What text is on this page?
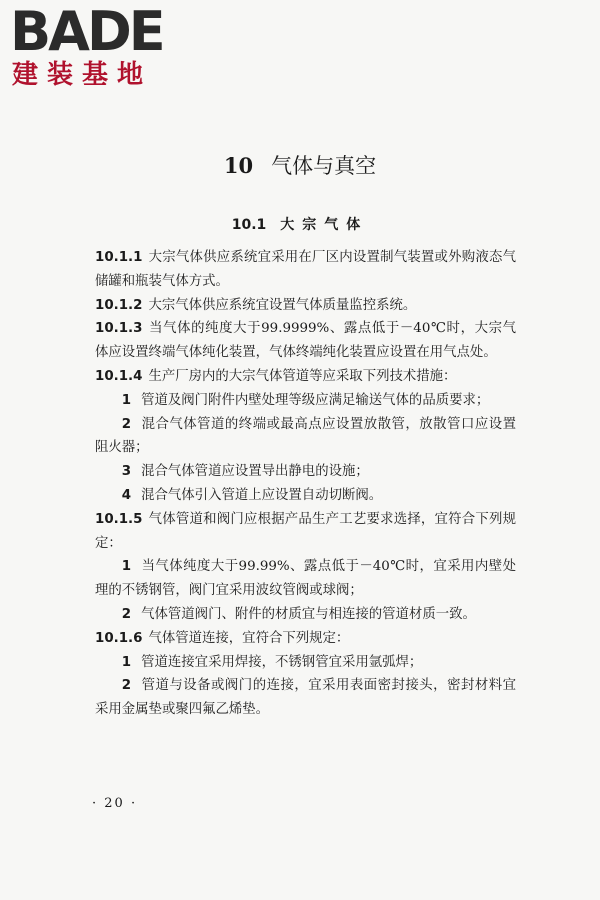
BADE
建装基地
10 气体与真空
10.1 大宗气体

10.1.1 大宗气体供应系统宜采用在厂区内设置制气装置或外购液态气储罐和瓶装气体方式。

10.1.2 大宗气体供应系统宜设置气体质量监控系统。

10.1.3 当气体的纯度大于99.9999%、露点低于－40℃时，大宗气体应设置终端气体纯化装置，气体终端纯化装置应设置在用气点处。

10.1.4 生产厂房内的大宗气体管道等应采取下列技术措施：

1 管道及阀门附件内壁处理等级应满足输送气体的品质要求；

2 混合气体管道的终端或最高点应设置放散管，放散管口应设置阻火器；

3 混合气体管道应设置导出静电的设施；

4 混合气体引入管道上应设置自动切断阀。

10.1.5 气体管道和阀门应根据产品生产工艺要求选择，宜符合下列规定：

1 当气体纯度大于99.99%、露点低于－40℃时，宜采用内壁处理的不锈钢管，阀门宜采用波纹管阀或球阀；

2 气体管道阀门、附件的材质宜与相连接的管道材质一致。

10.1.6 气体管道连接，宜符合下列规定：

1 管道连接宜采用焊接，不锈钢管宜采用氩弧焊；

2 管道与设备或阀门的连接，宜采用表面密封接头，密封材料宜采用金属垫或聚四氟乙烯垫。

· 20 ·
